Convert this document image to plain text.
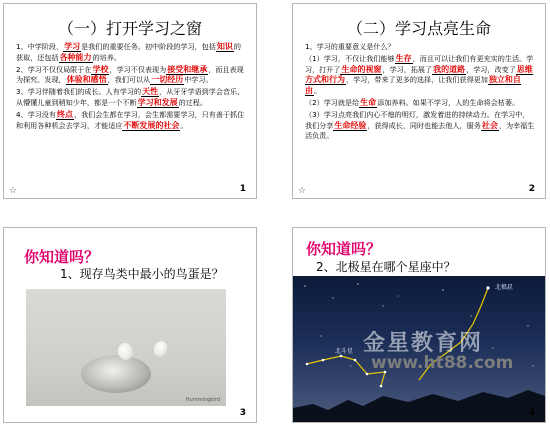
（一）打开学习之窗

1、中学阶段，学习是我们的重要任务。初中阶段的学习，包括知识的获取，还包括各种能力的培养。

2、学习不仅仅局限于在学校，学习不仅表现为接受和继承，而且表现为探究、发现，体验和感悟，我们可以从一切经历中学习。

3、学习伴随着我们的成长。人有学习的天性，从牙牙学语到学会音乐，从懵懂儿童到稍知少年，都是一个不断学习和发展的过程。

4、学习没有终点，我们会生都在学习，会生都需要学习，只有善于抓住和利用各种机会去学习，才能适应不断发展的社会。

☆	1
（二）学习点亮生命

1、学习的重要意义是什么？

（1）学习，不仅让我们能够生存，而且可以让我们有更充实的生活。学习，打开了生命的视窗，学习，拓展了我的道路，学习，改变了思维方式和行为，学习，带来了更多的选择，让我们获得更加独立和自由。

（2）学习就是给生命添加养料。如果不学习，人的生命将会枯萎。

（3）学习点亮我们内心不熄的明灯，激发着进的持续动力。在学习中，我们分享生命经验，获得成长，同时也能去他人，服务社会，为幸福生活负责。

☆	2
你知道吗？
1、现存鸟类中最小的鸟蛋是？
Hummingbird
3
你知道吗？
2、北极星在哪个星座中？
北极星
北斗星 金星教育网
www.ht88.com
4
